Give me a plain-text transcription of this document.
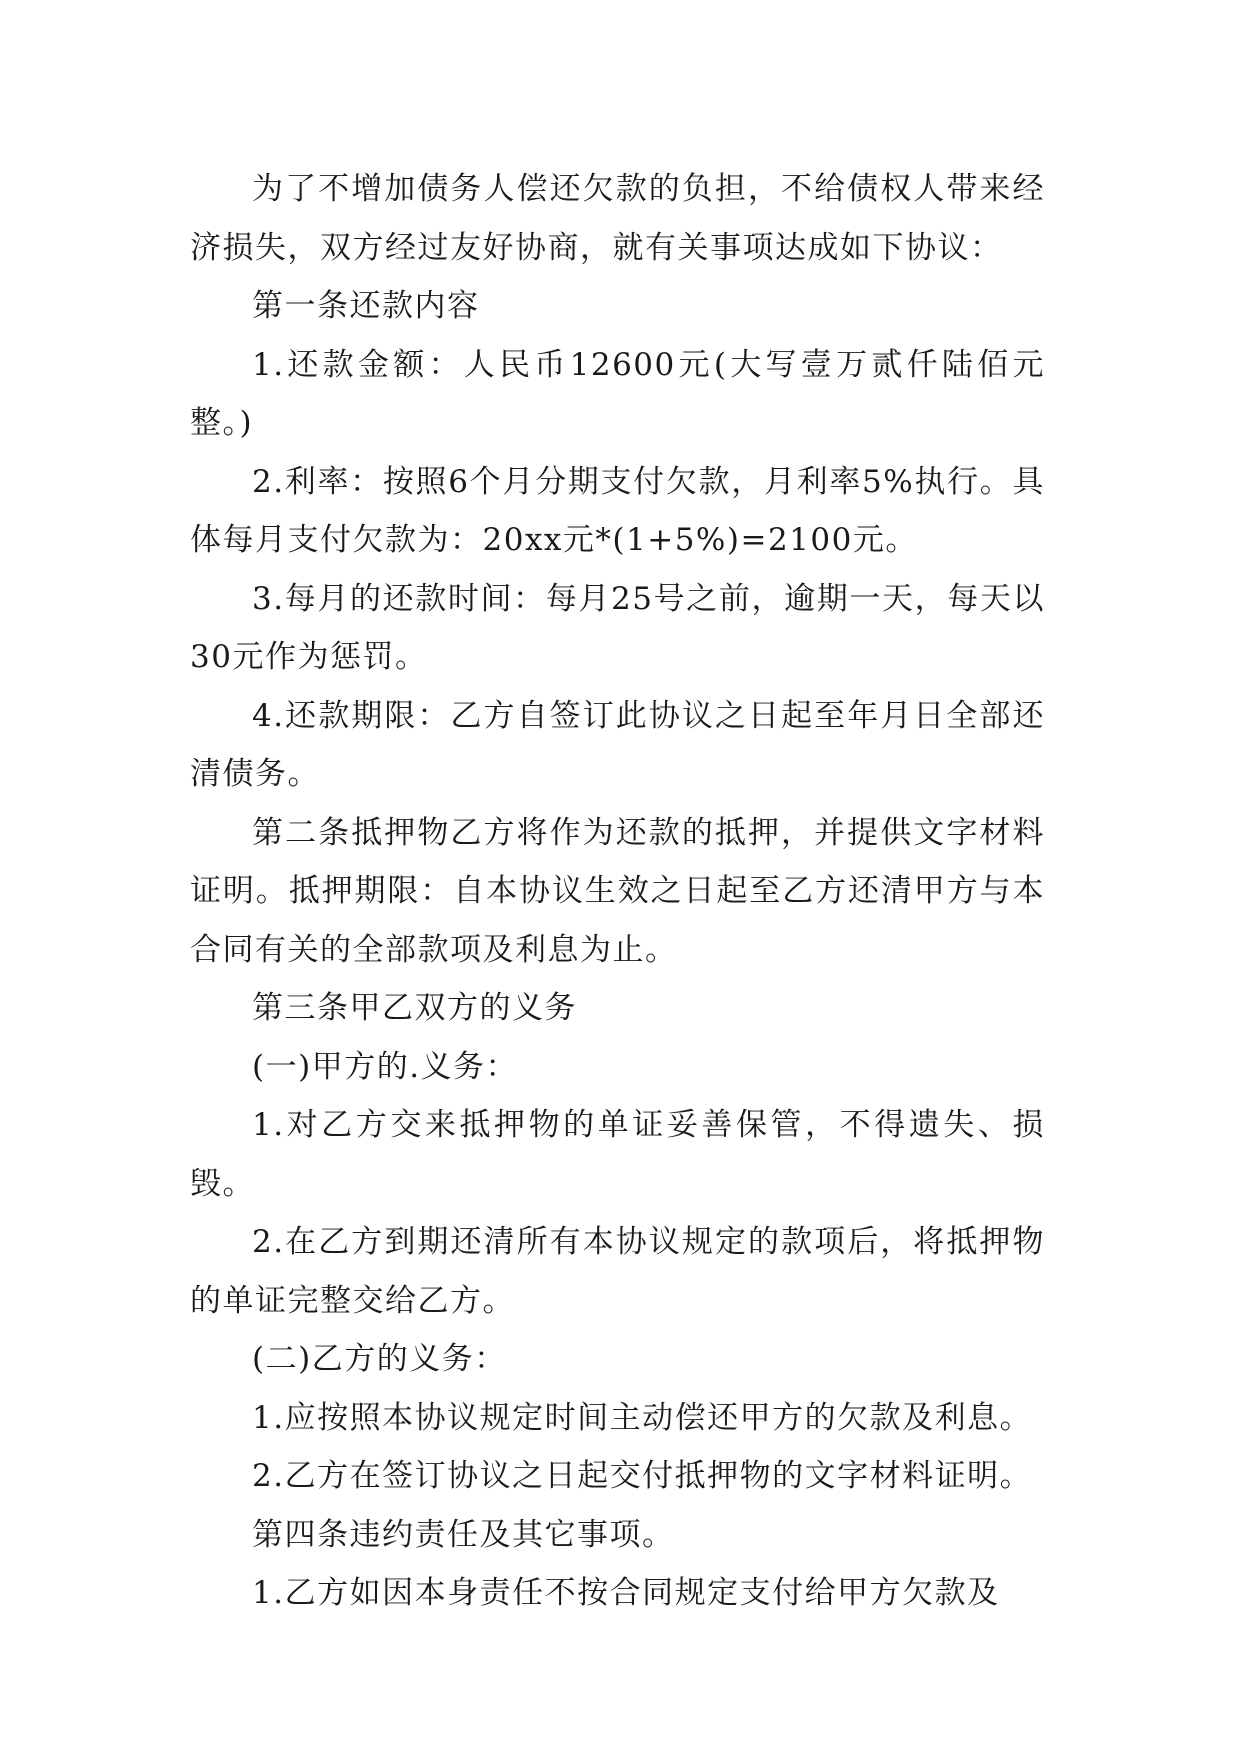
为了不增加债务人偿还欠款的负担，不给债权人带来经济损失，双方经过友好协商，就有关事项达成如下协议：

第一条还款内容

1.还款金额：人民币12600元(大写壹万贰仟陆佰元整。)

2.利率：按照6个月分期支付欠款，月利率5%执行。具体每月支付欠款为：20xx元*(1+5%)=2100元。

3.每月的还款时间：每月25号之前，逾期一天，每天以30元作为惩罚。

4.还款期限：乙方自签订此协议之日起至年月日全部还清债务。

第二条抵押物乙方将作为还款的抵押，并提供文字材料证明。抵押期限：自本协议生效之日起至乙方还清甲方与本合同有关的全部款项及利息为止。

第三条甲乙双方的义务

(一)甲方的.义务：

1.对乙方交来抵押物的单证妥善保管，不得遗失、损毁。

2.在乙方到期还清所有本协议规定的款项后，将抵押物的单证完整交给乙方。

(二)乙方的义务：

1.应按照本协议规定时间主动偿还甲方的欠款及利息。

2.乙方在签订协议之日起交付抵押物的文字材料证明。

第四条违约责任及其它事项。

1.乙方如因本身责任不按合同规定支付给甲方欠款及
